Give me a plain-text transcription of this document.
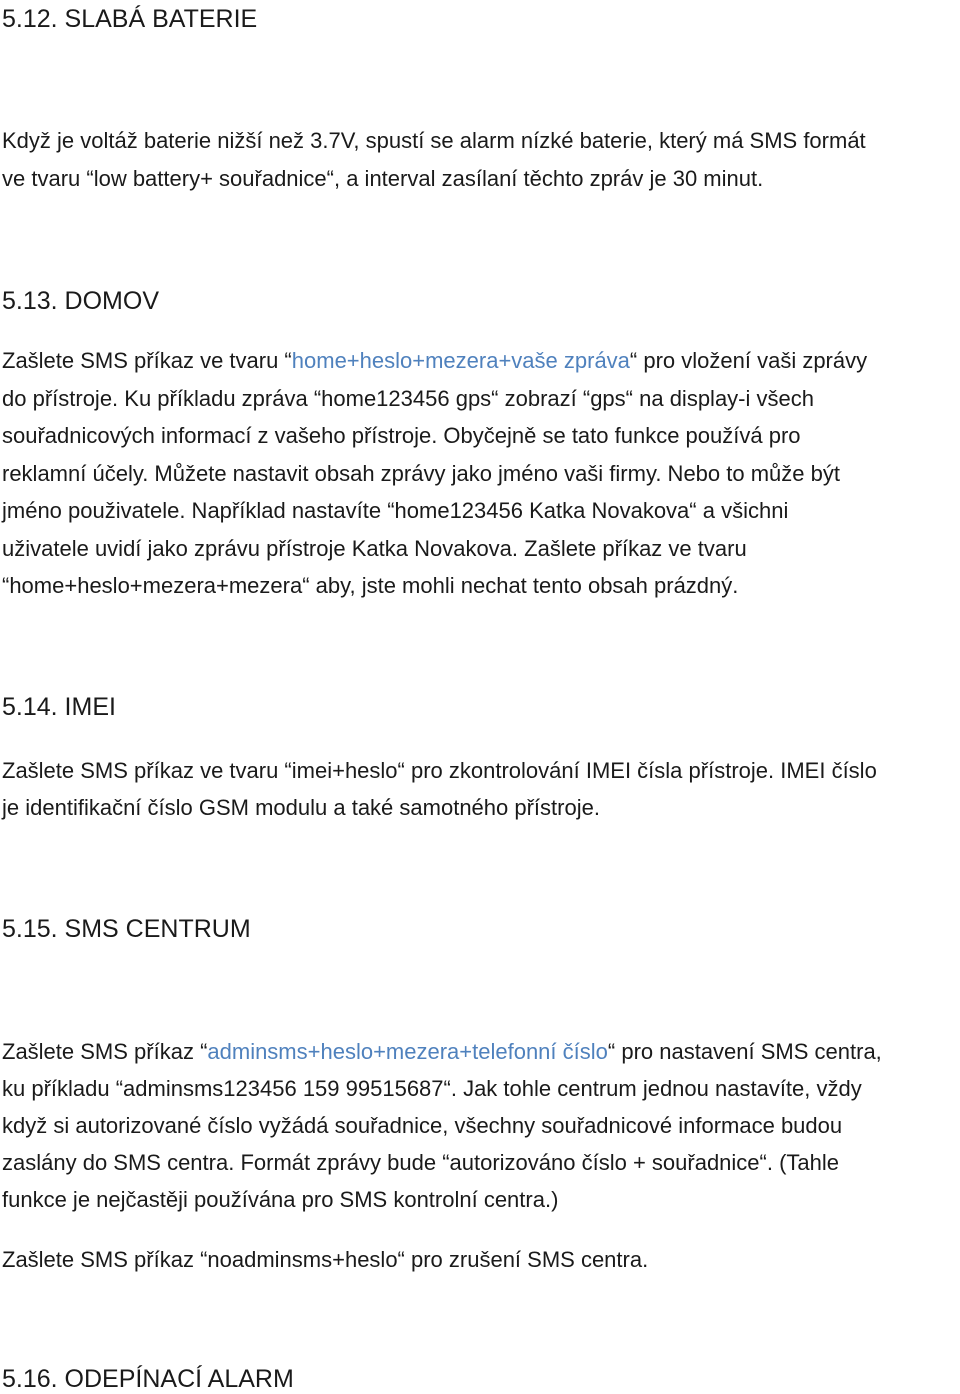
5.12. SLABÁ BATERIE
Když je voltáž baterie nižší než 3.7V, spustí se alarm nízké baterie, který má SMS formát
ve tvaru “low battery+ souřadnice“, a interval zasílaní těchto zpráv je 30 minut.
5.13. DOMOV
Zašlete SMS příkaz ve tvaru “home+heslo+mezera+vaše zpráva“ pro vložení vaši zprávy
do přístroje. Ku příkladu zpráva “home123456 gps“ zobrazí “gps“ na display-i všech
souřadnicových informací z vašeho přístroje. Obyčejně se tato funkce používá pro
reklamní účely. Můžete nastavit obsah zprávy jako jméno vaši firmy. Nebo to může být
jméno použivatele. Například nastavíte “home123456 Katka Novakova“ a všichni
uživatele uvidí jako zprávu přístroje Katka Novakova. Zašlete příkaz ve tvaru
“home+heslo+mezera+mezera“ aby, jste mohli nechat tento obsah prázdný.
5.14. IMEI
Zašlete SMS příkaz ve tvaru “imei+heslo“ pro zkontrolování IMEI čísla přístroje. IMEI číslo
je identifikační číslo GSM modulu a také samotného přístroje.
5.15. SMS CENTRUM
Zašlete SMS příkaz “adminsms+heslo+mezera+telefonní číslo“ pro nastavení SMS centra,
ku příkladu “adminsms123456 159 99515687“. Jak tohle centrum jednou nastavíte, vždy
když si autorizované číslo vyžádá souřadnice, všechny souřadnicové informace budou
zaslány do SMS centra. Formát zprávy bude “autorizováno číslo + souřadnice“. (Tahle
funkce je nejčastěji používána pro SMS kontrolní centra.)
Zašlete SMS příkaz “noadminsms+heslo“ pro zrušení SMS centra.
5.16. ODEPÍNACÍ ALARM
